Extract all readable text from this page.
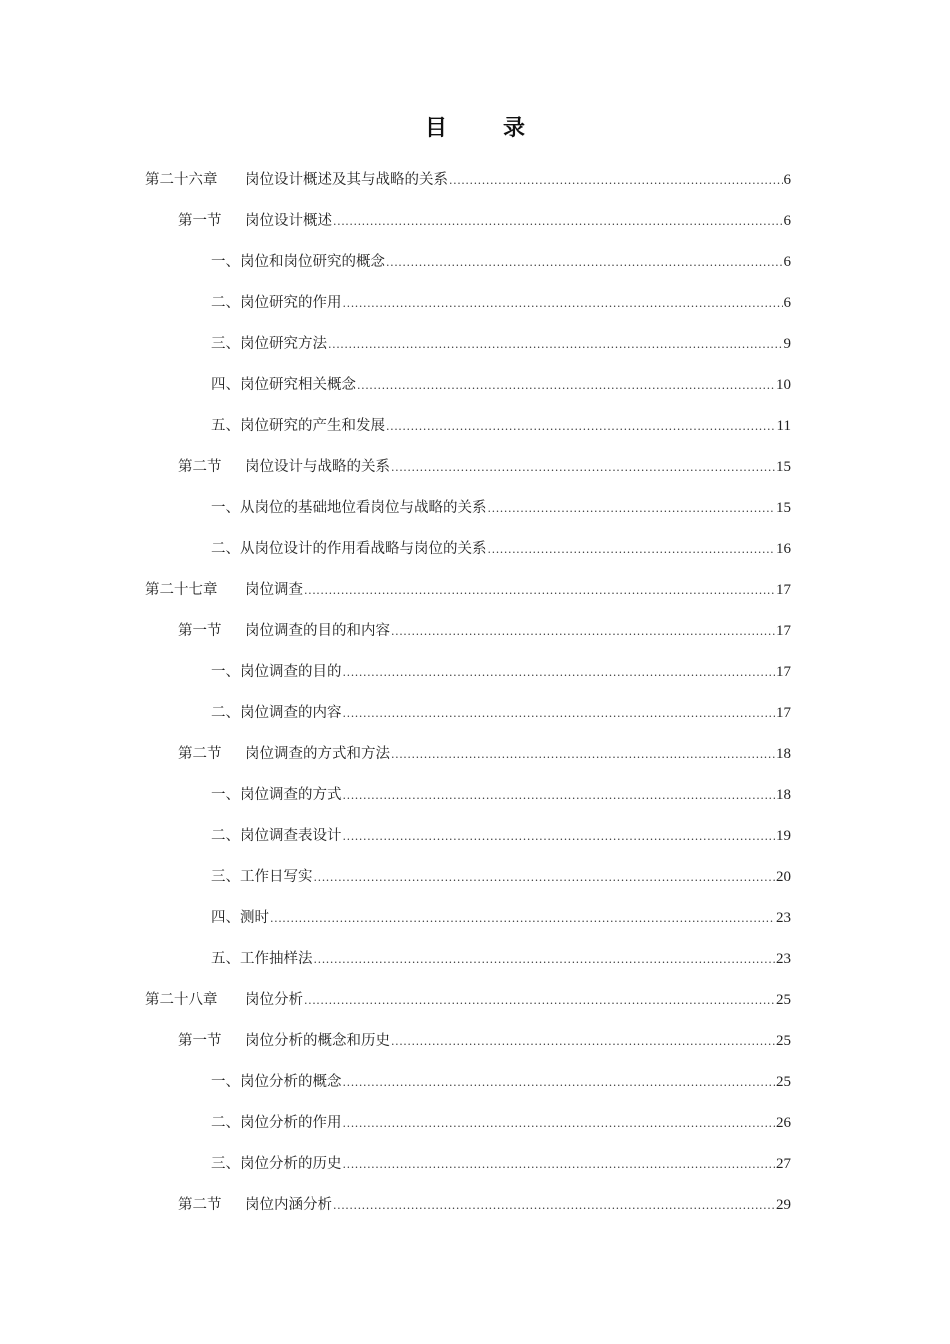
目	录
第二十六章	岗位设计概述及其与战略的关系 .....	6
第一节	岗位设计概述 .....	6
一、岗位和岗位研究的概念 .....	6
二、岗位研究的作用 .....	6
三、岗位研究方法 .....	9
四、岗位研究相关概念 .....	10
五、岗位研究的产生和发展 .....	11
第二节	岗位设计与战略的关系 .....	15
一、从岗位的基础地位看岗位与战略的关系 .....	15
二、从岗位设计的作用看战略与岗位的关系 .....	16
第二十七章	岗位调查 .....	17
第一节	岗位调查的目的和内容 .....	17
一、岗位调查的目的 .....	17
二、岗位调查的内容 .....	17
第二节	岗位调查的方式和方法 .....	18
一、岗位调查的方式 .....	18
二、岗位调查表设计 .....	19
三、工作日写实 .....	20
四、测时 .....	23
五、工作抽样法 .....	23
第二十八章	岗位分析 .....	25
第一节	岗位分析的概念和历史 .....	25
一、岗位分析的概念 .....	25
二、岗位分析的作用 .....	26
三、岗位分析的历史 .....	27
第二节	岗位内涵分析 .....	29
